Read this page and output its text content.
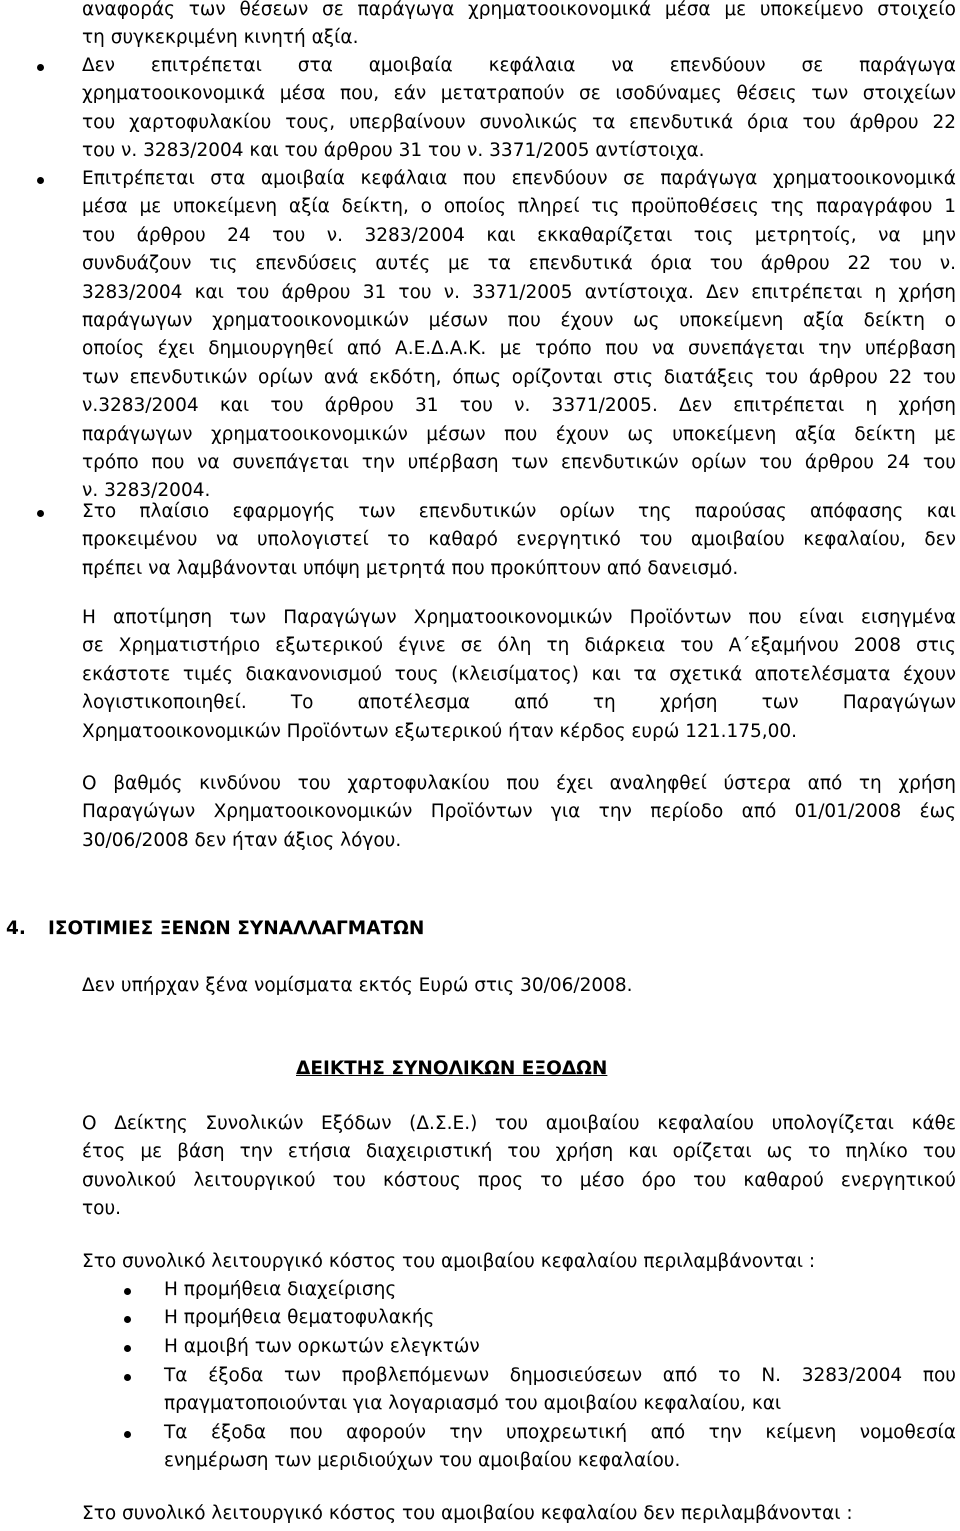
αναφοράς των θέσεων σε παράγωγα χρηματοοικονομικά μέσα με υποκείμενο στοιχείο
τη συγκεκριμένη κινητή αξία.
Δεν επιτρέπεται στα αμοιβαία κεφάλαια να επενδύουν σε παράγωγα
χρηματοοικονομικά μέσα που, εάν μετατραπούν σε ισοδύναμες θέσεις των στοιχείων
του χαρτοφυλακίου τους, υπερβαίνουν συνολικώς τα επενδυτικά όρια του άρθρου 22
του ν. 3283/2004 και του άρθρου 31 του ν. 3371/2005 αντίστοιχα.
Επιτρέπεται στα αμοιβαία κεφάλαια που επενδύουν σε παράγωγα χρηματοοικονομικά
μέσα με υποκείμενη αξία δείκτη, ο οποίος πληρεί τις προϋποθέσεις της παραγράφου 1
του άρθρου 24 του ν. 3283/2004 και εκκαθαρίζεται τοις μετρητοίς, να μην
συνδυάζουν τις επενδύσεις αυτές με τα επενδυτικά όρια του άρθρου 22 του ν.
3283/2004 και του άρθρου 31 του ν. 3371/2005 αντίστοιχα. Δεν επιτρέπεται η χρήση
παράγωγων χρηματοοικονομικών μέσων που έχουν ως υποκείμενη αξία δείκτη ο
οποίος έχει δημιουργηθεί από Α.Ε.Δ.Α.Κ. με τρόπο που να συνεπάγεται την υπέρβαση
των επενδυτικών ορίων ανά εκδότη, όπως ορίζονται στις διατάξεις του άρθρου 22 του
ν.3283/2004 και του άρθρου 31 του ν. 3371/2005. Δεν επιτρέπεται η χρήση
παράγωγων χρηματοοικονομικών μέσων που έχουν ως υποκείμενη αξία δείκτη με
τρόπο που να συνεπάγεται την υπέρβαση των επενδυτικών ορίων του άρθρου 24 του
ν. 3283/2004.
Στο πλαίσιο εφαρμογής των επενδυτικών ορίων της παρούσας απόφασης και
προκειμένου να υπολογιστεί το καθαρό ενεργητικό του αμοιβαίου κεφαλαίου, δεν
πρέπει να λαμβάνονται υπόψη μετρητά που προκύπτουν από δανεισμό.
Η αποτίμηση των Παραγώγων Χρηματοοικονομικών Προϊόντων που είναι εισηγμένα
σε Χρηματιστήριο εξωτερικού έγινε σε όλη τη διάρκεια του Α΄εξαμήνου 2008 στις
εκάστοτε τιμές διακανονισμού τους (κλεισίματος) και τα σχετικά αποτελέσματα έχουν
λογιστικοποιηθεί. Το αποτέλεσμα από τη χρήση των Παραγώγων
Χρηματοοικονομικών Προϊόντων εξωτερικού ήταν κέρδος ευρώ 121.175,00.
Ο βαθμός κινδύνου του χαρτοφυλακίου που έχει αναληφθεί ύστερα από τη χρήση
Παραγώγων Χρηματοοικονομικών Προϊόντων για την περίοδο από 01/01/2008 έως
30/06/2008 δεν ήταν άξιος λόγου.
4. ΙΣΟΤΙΜΙΕΣ ΞΕΝΩΝ ΣΥΝΑΛΛΑΓΜΑΤΩΝ
Δεν υπήρχαν ξένα νομίσματα εκτός Ευρώ στις 30/06/2008.
ΔΕΙΚΤΗΣ ΣΥΝΟΛΙΚΩΝ ΕΞΟΔΩΝ
Ο Δείκτης Συνολικών Εξόδων (Δ.Σ.Ε.) του αμοιβαίου κεφαλαίου υπολογίζεται κάθε
έτος με βάση την ετήσια διαχειριστική του χρήση και ορίζεται ως το πηλίκο του
συνολικού λειτουργικού του κόστους προς το μέσο όρο του καθαρού ενεργητικού
του.
Στο συνολικό λειτουργικό κόστος του αμοιβαίου κεφαλαίου περιλαμβάνονται :
Η προμήθεια διαχείρισης
Η προμήθεια θεματοφυλακής
Η αμοιβή των ορκωτών ελεγκτών
Τα έξοδα των προβλεπόμενων δημοσιεύσεων από το Ν. 3283/2004 που
πραγματοποιούνται για λογαριασμό του αμοιβαίου κεφαλαίου, και
Τα έξοδα που αφορούν την υποχρεωτική από την κείμενη νομοθεσία
ενημέρωση των μεριδιούχων του αμοιβαίου κεφαλαίου.
Στο συνολικό λειτουργικό κόστος του αμοιβαίου κεφαλαίου δεν περιλαμβάνονται :
